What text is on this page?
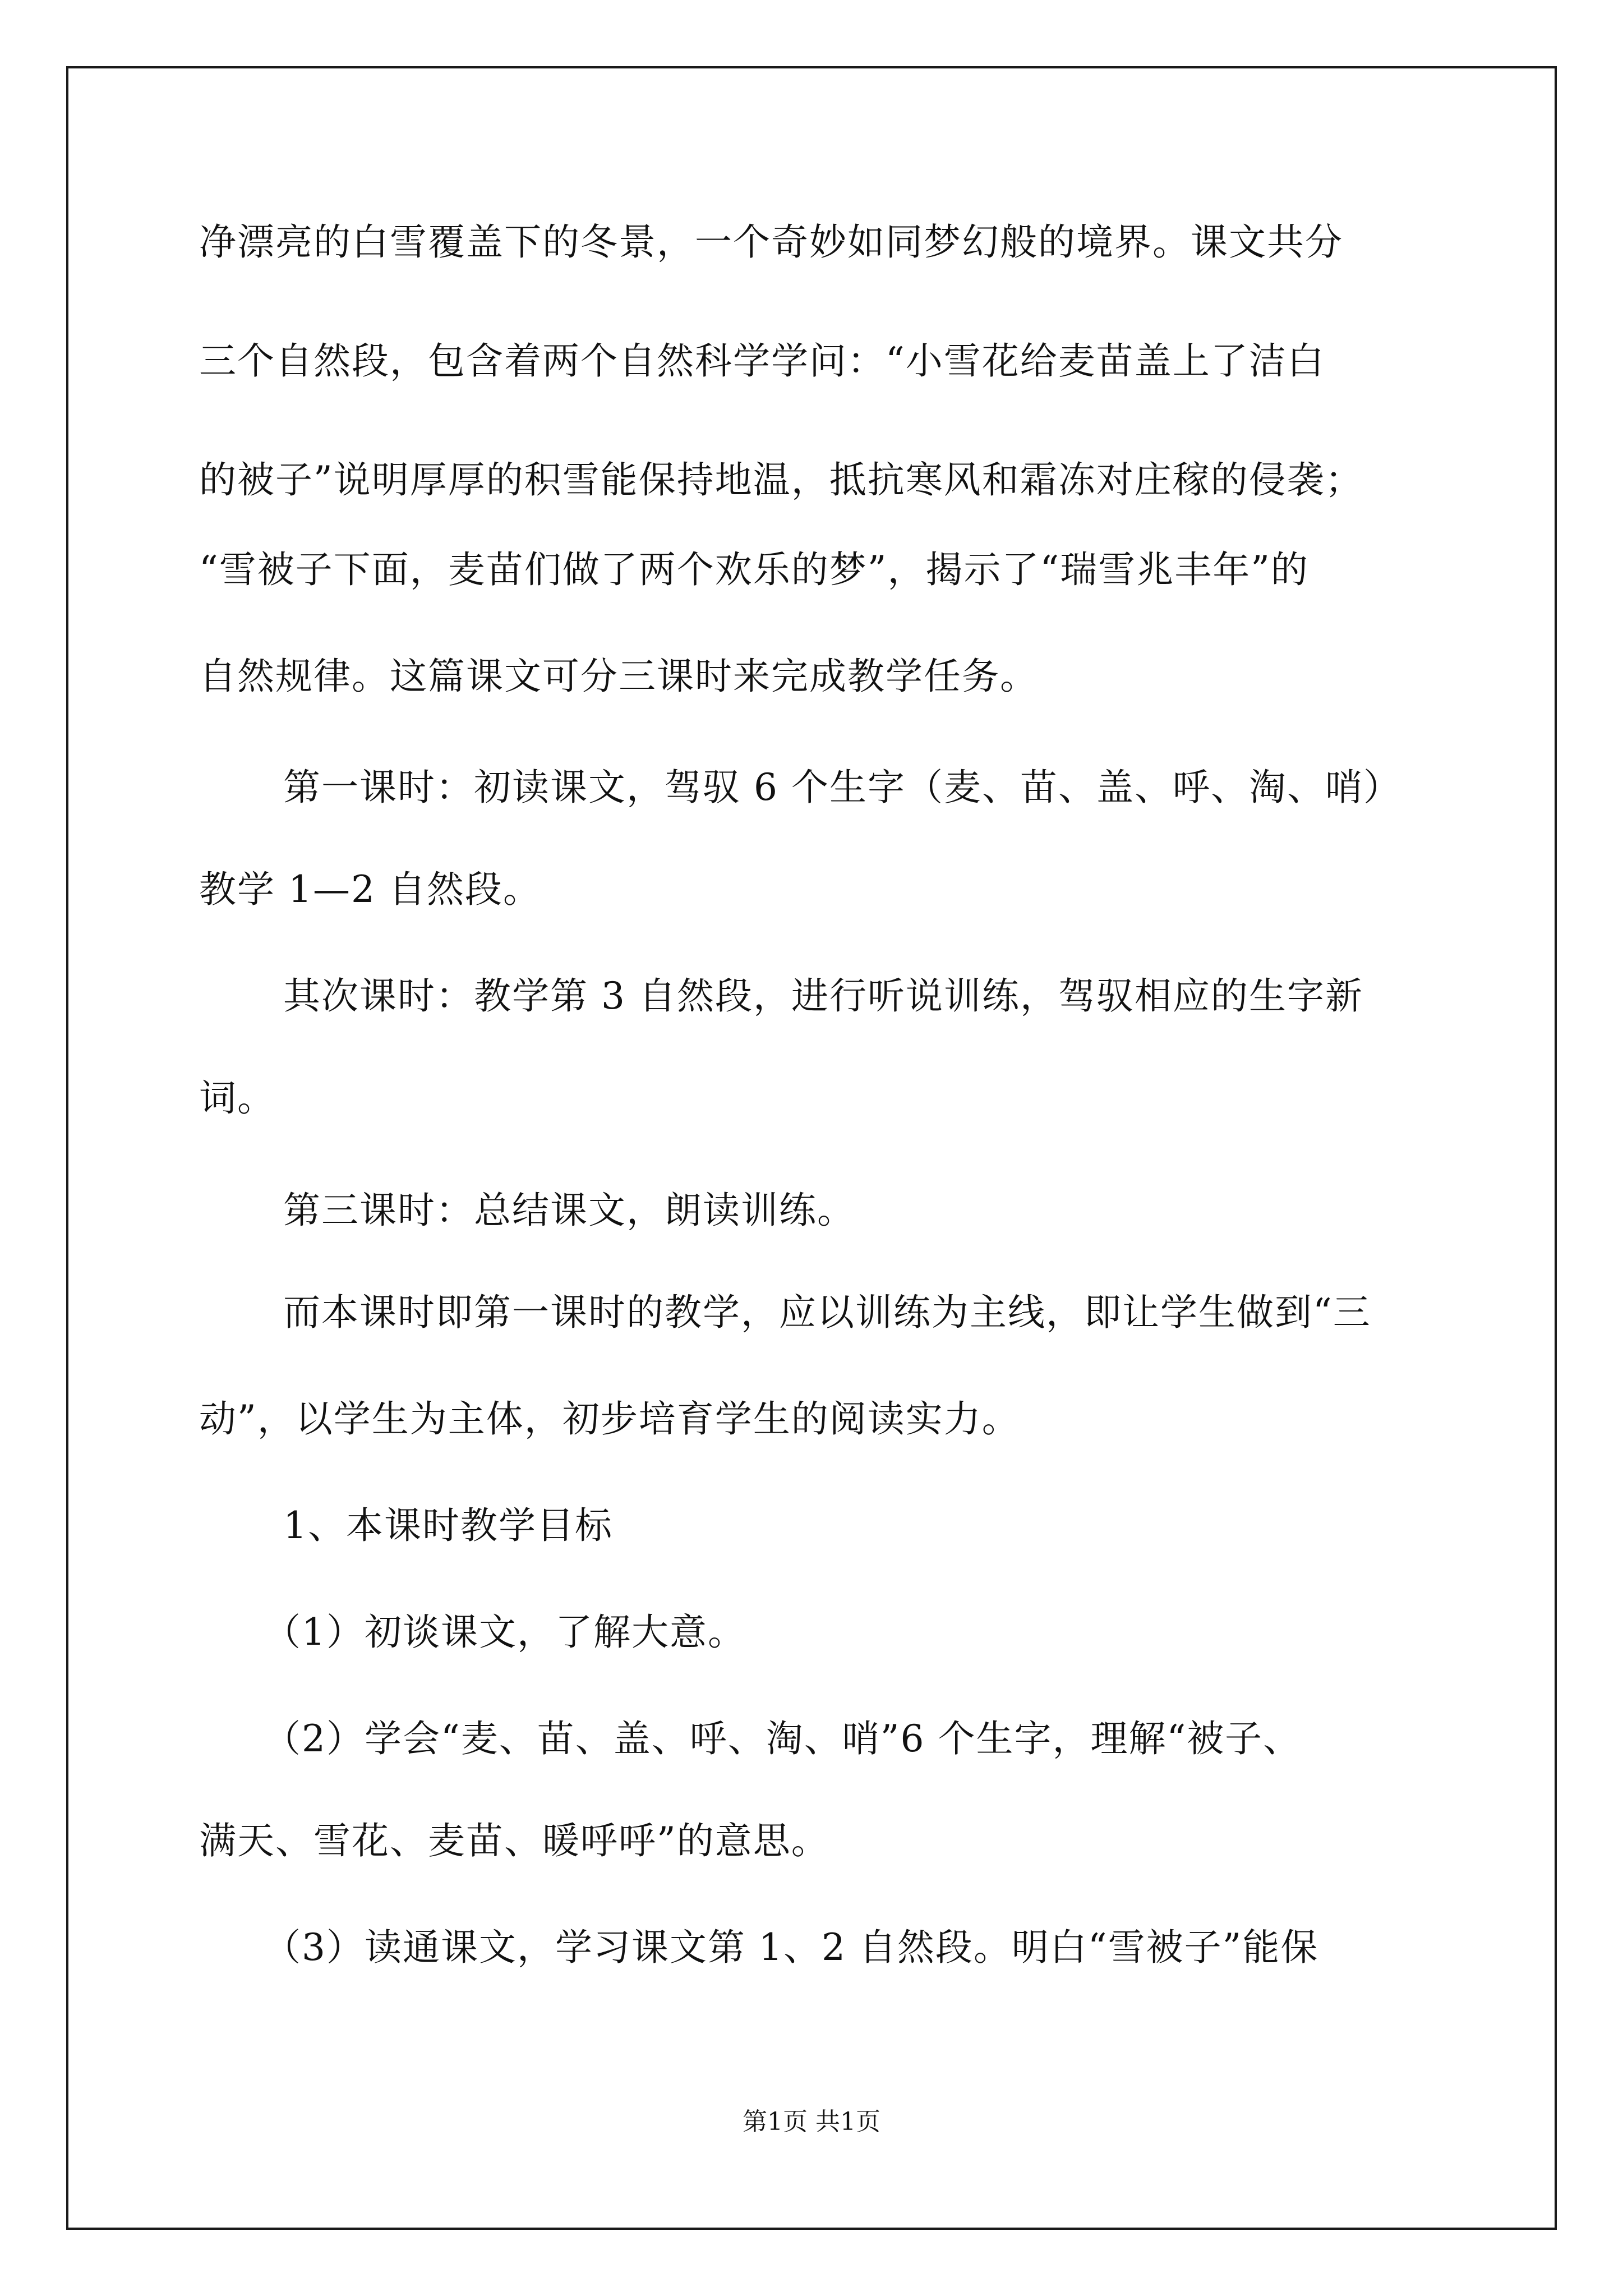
净漂亮的白雪覆盖下的冬景，一个奇妙如同梦幻般的境界。课文共分
三个自然段，包含着两个自然科学学问：“小雪花给麦苗盖上了洁白
的被子”说明厚厚的积雪能保持地温，抵抗寒风和霜冻对庄稼的侵袭；
“雪被子下面，麦苗们做了两个欢乐的梦”，揭示了“瑞雪兆丰年”的
自然规律。这篇课文可分三课时来完成教学任务。
第一课时：初读课文，驾驭 6 个生字（麦、苗、盖、呼、淘、哨）
教学 1—2 自然段。
其次课时：教学第 3 自然段，进行听说训练，驾驭相应的生字新
词。
第三课时：总结课文，朗读训练。
而本课时即第一课时的教学，应以训练为主线，即让学生做到“三
动”，以学生为主体，初步培育学生的阅读实力。
1、本课时教学目标
（1）初谈课文，了解大意。
（2）学会“麦、苗、盖、呼、淘、哨”6 个生字，理解“被子、
满天、雪花、麦苗、暖呼呼”的意思。
（3）读通课文，学习课文第 1、2 自然段。明白“雪被子”能保
第1页 共1页
